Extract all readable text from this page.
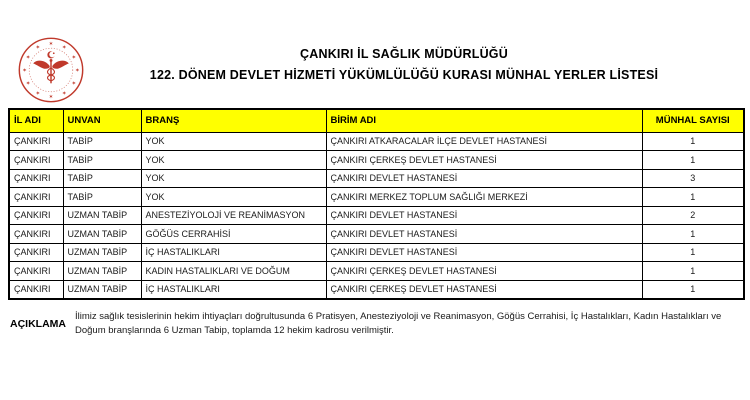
✶
✶
✶
✶
✶
✶
✶
✶
✶
✶
✶
✶	ÇANKIRI İL SAĞLIK MÜDÜRLÜĞÜ
122. DÖNEM DEVLET HİZMETİ YÜKÜMLÜLÜĞÜ KURASI MÜNHAL YERLER LİSTESİ
İL ADI	UNVAN	BRANŞ	BİRİM ADI	MÜNHAL SAYISI
ÇANKIRI	TABİP	YOK	ÇANKIRI ATKARACALAR İLÇE DEVLET HASTANESİ	1
ÇANKIRI	TABİP	YOK	ÇANKIRI ÇERKEŞ DEVLET HASTANESİ	1
ÇANKIRI	TABİP	YOK	ÇANKIRI DEVLET HASTANESİ	3
ÇANKIRI	TABİP	YOK	ÇANKIRI MERKEZ TOPLUM SAĞLIĞI MERKEZİ	1
ÇANKIRI	UZMAN TABİP	ANESTEZİYOLOJİ VE REANİMASYON	ÇANKIRI DEVLET HASTANESİ	2
ÇANKIRI	UZMAN TABİP	GÖĞÜS CERRAHİSİ	ÇANKIRI DEVLET HASTANESİ	1
ÇANKIRI	UZMAN TABİP	İÇ HASTALIKLARI	ÇANKIRI DEVLET HASTANESİ	1
ÇANKIRI	UZMAN TABİP	KADIN HASTALIKLARI VE DOĞUM	ÇANKIRI ÇERKEŞ DEVLET HASTANESİ	1
ÇANKIRI	UZMAN TABİP	İÇ HASTALIKLARI	ÇANKIRI ÇERKEŞ DEVLET HASTANESİ	1
AÇIKLAMA
İlimiz sağlık tesislerinin hekim ihtiyaçları doğrultusunda 6 Pratisyen, Anesteziyoloji ve Reanimasyon, Göğüs Cerrahisi, İç Hastalıkları, Kadın Hastalıkları ve Doğum branşlarında 6 Uzman Tabip, toplamda 12 hekim kadrosu verilmiştir.
